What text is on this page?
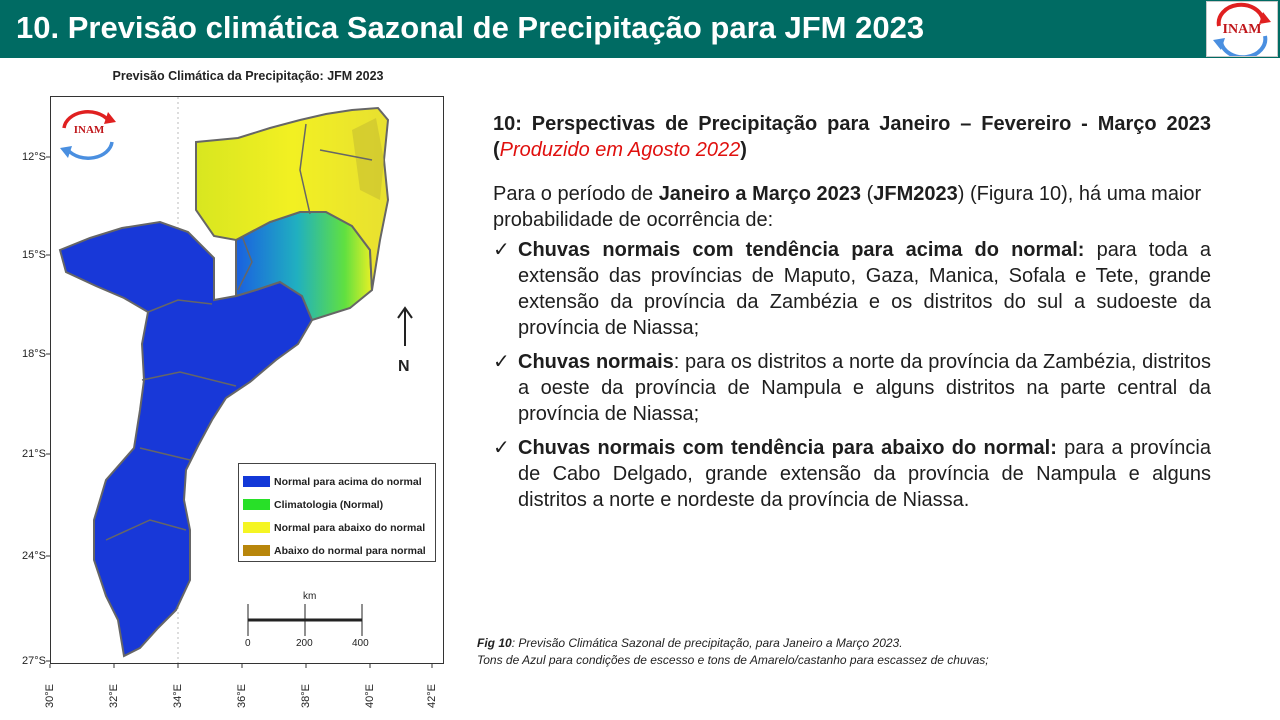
10. Previsão climática Sazonal de Precipitação para JFM 2023	INAM
Previsão Climática da Precipitação: JFM 2023
INAM
12°S
15°S
18°S
21°S
24°S
27°S
30°E	32°E	34°E	36°E	38°E	40°E	42°E
Normal para acima do normal
Climatologia (Normal)
Normal para abaixo do normal
Abaixo do normal para normal
N
km
0	200	400
10: Perspectivas de Precipitação para Janeiro – Fevereiro - Março 2023 (Produzido em Agosto 2022)
Para o período de Janeiro a Março 2023 (JFM2023) (Figura 10), há uma maior probabilidade de ocorrência de:
✓ Chuvas normais com tendência para acima do normal: para toda a extensão das províncias de Maputo, Gaza, Manica, Sofala e Tete, grande extensão da província da Zambézia e os distritos do sul a sudoeste da província de Niassa;
✓ Chuvas normais: para os distritos a norte da província da Zambézia, distritos a oeste da província de Nampula e alguns distritos na parte central da província de Niassa;
✓ Chuvas normais com tendência para abaixo do normal: para a província de Cabo Delgado, grande extensão da província de Nampula e alguns distritos a norte e nordeste da província de Niassa.
Fig 10: Previsão Climática Sazonal de precipitação, para Janeiro a Março 2023.
Tons de Azul para condições de escesso e tons de Amarelo/castanho para escassez de chuvas;
